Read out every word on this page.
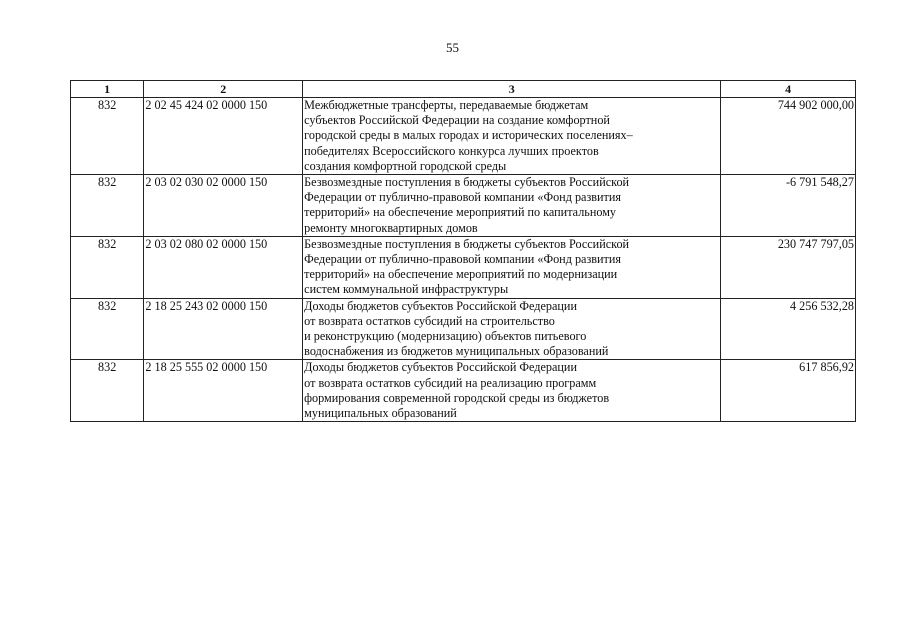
55
1	2	3	4
832	2 02 45 424 02 0000 150	Межбюджетные трансферты, передаваемые бюджетам
субъектов Российской Федерации на создание комфортной
городской среды в малых городах и исторических поселениях–
победителях Всероссийского конкурса лучших проектов
создания комфортной городской среды	744 902 000,00
832	2 03 02 030 02 0000 150	Безвозмездные поступления в бюджеты субъектов Российской
Федерации от публично-правовой компании «Фонд развития
территорий» на обеспечение мероприятий по капитальному
ремонту многоквартирных домов	-6 791 548,27
832	2 03 02 080 02 0000 150	Безвозмездные поступления в бюджеты субъектов Российской
Федерации от публично-правовой компании «Фонд развития
территорий» на обеспечение мероприятий по модернизации
систем коммунальной инфраструктуры	230 747 797,05
832	2 18 25 243 02 0000 150	Доходы бюджетов субъектов Российской Федерации
от возврата остатков субсидий на строительство
и реконструкцию (модернизацию) объектов питьевого
водоснабжения из бюджетов муниципальных образований	4 256 532,28
832	2 18 25 555 02 0000 150	Доходы бюджетов субъектов Российской Федерации
от возврата остатков субсидий на реализацию программ
формирования современной городской среды из бюджетов
муниципальных образований	617 856,92
